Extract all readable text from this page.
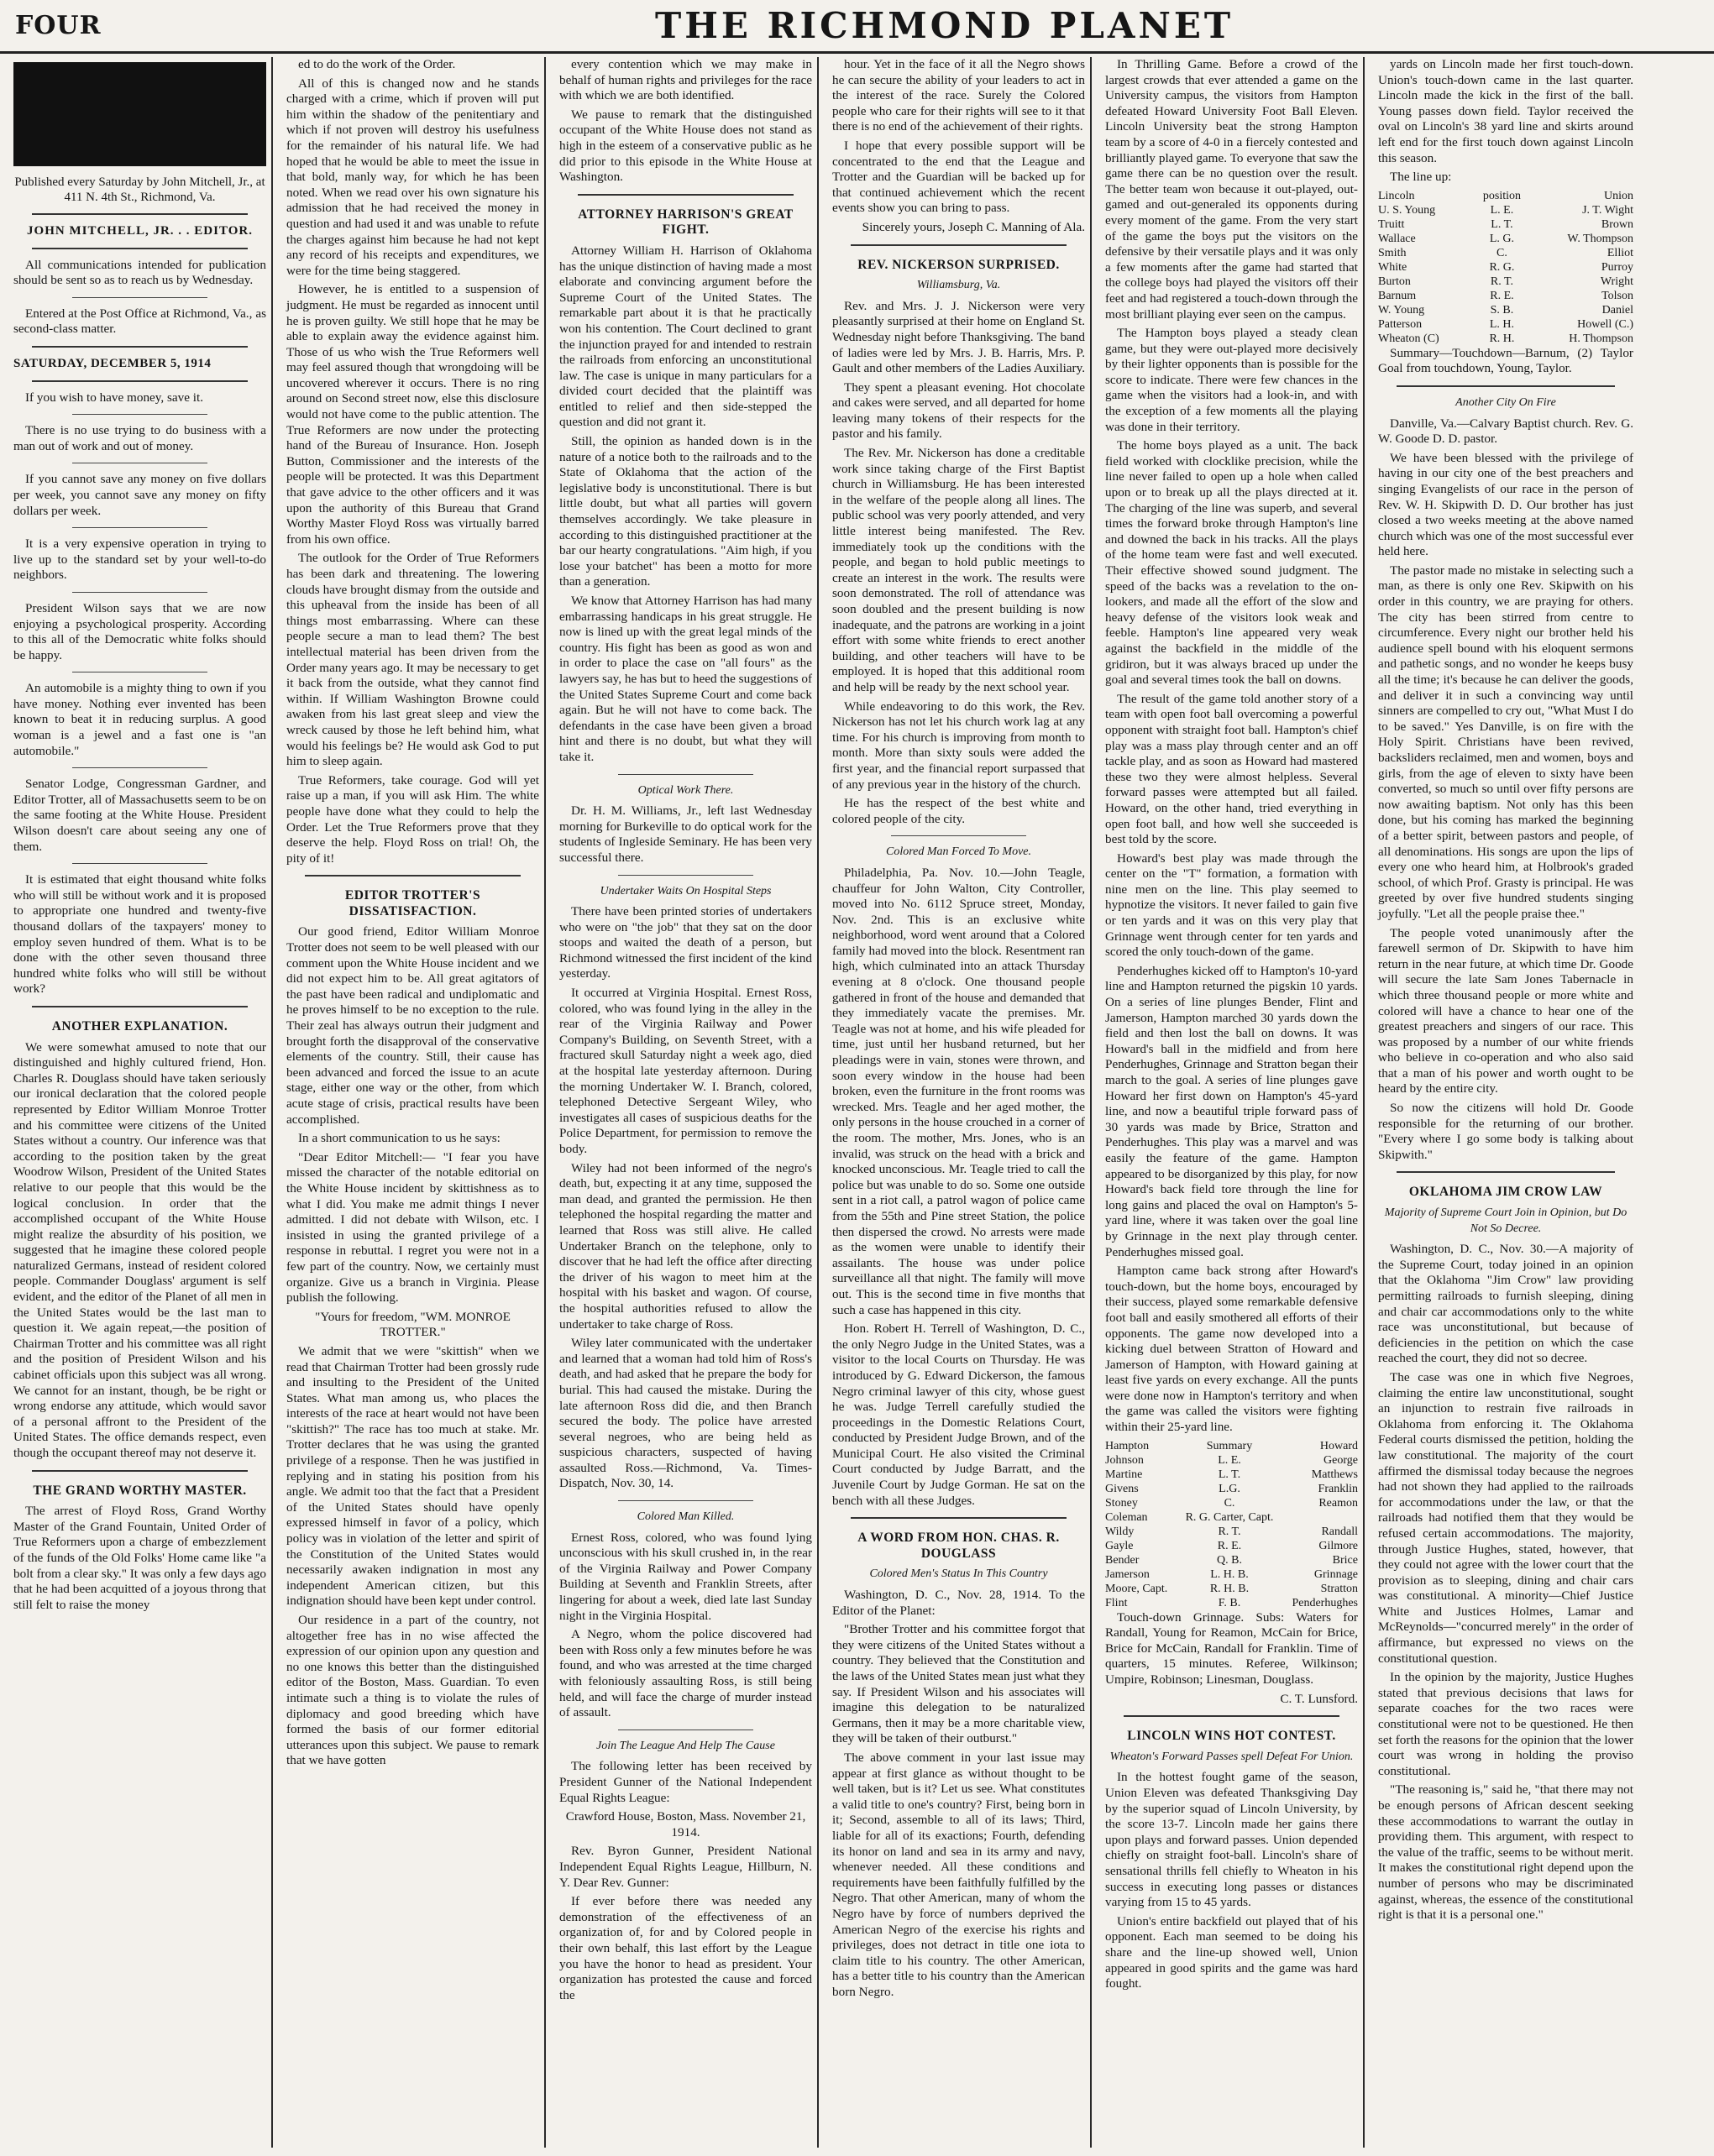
FOUR	THE RICHMOND PLANET
Published every Saturday by John Mitchell, Jr., at 411 N. 4th St., Richmond, Va.
JOHN MITCHELL, JR. . . EDITOR.

All communications intended for publication should be sent so as to reach us by Wednesday.

Entered at the Post Office at Richmond, Va., as second-class matter.

SATURDAY, DECEMBER 5, 1914

If you wish to have money, save it.

There is no use trying to do business with a man out of work and out of money.

If you cannot save any money on five dollars per week, you cannot save any money on fifty dollars per week.

It is a very expensive operation in trying to live up to the standard set by your well-to-do neighbors.

President Wilson says that we are now enjoying a psychological prosperity. According to this all of the Democratic white folks should be happy.

An automobile is a mighty thing to own if you have money. Nothing ever invented has been known to beat it in reducing surplus. A good woman is a jewel and a fast one is "an automobile."

Senator Lodge, Congressman Gardner, and Editor Trotter, all of Massachusetts seem to be on the same footing at the White House. President Wilson doesn't care about seeing any one of them.

It is estimated that eight thousand white folks who will still be without work and it is proposed to appropriate one hundred and twenty-five thousand dollars of the taxpayers' money to employ seven hundred of them. What is to be done with the other seven thousand three hundred white folks who will still be without work?

ANOTHER EXPLANATION.

We were somewhat amused to note that our distinguished and highly cultured friend, Hon. Charles R. Douglass should have taken seriously our ironical declaration that the colored people represented by Editor William Monroe Trotter and his committee were citizens of the United States without a country. Our inference was that according to the position taken by the great Woodrow Wilson, President of the United States relative to our people that this would be the logical conclusion. In order that the accomplished occupant of the White House might realize the absurdity of his position, we suggested that he imagine these colored people naturalized Germans, instead of resident colored people. Commander Douglass' argument is self evident, and the editor of the Planet of all men in the United States would be the last man to question it. We again repeat,—the position of Chairman Trotter and his committee was all right and the position of President Wilson and his cabinet officials upon this subject was all wrong. We cannot for an instant, though, be be right or wrong endorse any attitude, which would savor of a personal affront to the President of the United States. The office demands respect, even though the occupant thereof may not deserve it.

THE GRAND WORTHY MASTER.

The arrest of Floyd Ross, Grand Worthy Master of the Grand Fountain, United Order of True Reformers upon a charge of embezzlement of the funds of the Old Folks' Home came like "a bolt from a clear sky." It was only a few days ago that he had been acquitted of a joyous throng that still felt to raise the money

ed to do the work of the Order.

All of this is changed now and he stands charged with a crime, which if proven will put him within the shadow of the penitentiary and which if not proven will destroy his usefulness for the remainder of his natural life. We had hoped that he would be able to meet the issue in that bold, manly way, for which he has been noted. When we read over his own signature his admission that he had received the money in question and had used it and was unable to refute the charges against him because he had not kept any record of his receipts and expenditures, we were for the time being staggered.

However, he is entitled to a suspension of judgment. He must be regarded as innocent until he is proven guilty. We still hope that he may be able to explain away the evidence against him. Those of us who wish the True Reformers well may feel assured though that wrongdoing will be uncovered wherever it occurs. There is no ring around on Second street now, else this disclosure would not have come to the public attention. The True Reformers are now under the protecting hand of the Bureau of Insurance. Hon. Joseph Button, Commissioner and the interests of the people will be protected. It was this Department that gave advice to the other officers and it was upon the authority of this Bureau that Grand Worthy Master Floyd Ross was virtually barred from his own office.

The outlook for the Order of True Reformers has been dark and threatening. The lowering clouds have brought dismay from the outside and this upheaval from the inside has been of all things most embarrassing. Where can these people secure a man to lead them? The best intellectual material has been driven from the Order many years ago. It may be necessary to get it back from the outside, what they cannot find within. If William Washington Browne could awaken from his last great sleep and view the wreck caused by those he left behind him, what would his feelings be? He would ask God to put him to sleep again.

True Reformers, take courage. God will yet raise up a man, if you will ask Him. The white people have done what they could to help the Order. Let the True Reformers prove that they deserve the help. Floyd Ross on trial! Oh, the pity of it!

EDITOR TROTTER'S DISSATISFACTION.

Our good friend, Editor William Monroe Trotter does not seem to be well pleased with our comment upon the White House incident and we did not expect him to be. All great agitators of the past have been radical and undiplomatic and he proves himself to be no exception to the rule. Their zeal has always outrun their judgment and brought forth the disapproval of the conservative elements of the country. Still, their cause has been advanced and forced the issue to an acute stage, either one way or the other, from which acute stage of crisis, practical results have been accomplished.

In a short communication to us he says:

"Dear Editor Mitchell:— "I fear you have missed the character of the notable editorial on the White House incident by skittishness as to what I did. You make me admit things I never admitted. I did not debate with Wilson, etc. I insisted in using the granted privilege of a response in rebuttal. I regret you were not in a few part of the country. Now, we certainly must organize. Give us a branch in Virginia. Please publish the following.

"Yours for freedom, "WM. MONROE TROTTER."

We admit that we were "skittish" when we read that Chairman Trotter had been grossly rude and insulting to the President of the United States. What man among us, who places the interests of the race at heart would not have been "skittish?" The race has too much at stake. Mr. Trotter declares that he was using the granted privilege of a response. Then he was justified in replying and in stating his position from his angle. We admit too that the fact that a President of the United States should have openly expressed himself in favor of a policy, which policy was in violation of the letter and spirit of the Constitution of the United States would necessarily awaken indignation in most any independent American citizen, but this indignation should have been kept under control.

Our residence in a part of the country, not altogether free has in no wise affected the expression of our opinion upon any question and no one knows this better than the distinguished editor of the Boston, Mass. Guardian. To even intimate such a thing is to violate the rules of diplomacy and good breeding which have formed the basis of our former editorial utterances upon this subject. We pause to remark that we have gotten

every contention which we may make in behalf of human rights and privileges for the race with which we are both identified.

We pause to remark that the distinguished occupant of the White House does not stand as high in the esteem of a conservative public as he did prior to this episode in the White House at Washington.

ATTORNEY HARRISON'S GREAT FIGHT.

Attorney William H. Harrison of Oklahoma has the unique distinction of having made a most elaborate and convincing argument before the Supreme Court of the United States. The remarkable part about it is that he practically won his contention. The Court declined to grant the injunction prayed for and intended to restrain the railroads from enforcing an unconstitutional law. The case is unique in many particulars for a divided court decided that the plaintiff was entitled to relief and then side-stepped the question and did not grant it.

Still, the opinion as handed down is in the nature of a notice both to the railroads and to the State of Oklahoma that the action of the legislative body is unconstitutional. There is but little doubt, but what all parties will govern themselves accordingly. We take pleasure in according to this distinguished practitioner at the bar our hearty congratulations. "Aim high, if you lose your batchet" has been a motto for more than a generation.

We know that Attorney Harrison has had many embarrassing handicaps in his great struggle. He now is lined up with the great legal minds of the country. His fight has been as good as won and in order to place the case on "all fours" as the lawyers say, he has but to heed the suggestions of the United States Supreme Court and come back again. But he will not have to come back. The defendants in the case have been given a broad hint and there is no doubt, but what they will take it.

Optical Work There.

Dr. H. M. Williams, Jr., left last Wednesday morning for Burkeville to do optical work for the students of Ingleside Seminary. He has been very successful there.

Undertaker Waits On Hospital Steps

There have been printed stories of undertakers who were on "the job" that they sat on the door stoops and waited the death of a person, but Richmond witnessed the first incident of the kind yesterday.

It occurred at Virginia Hospital. Ernest Ross, colored, who was found lying in the alley in the rear of the Virginia Railway and Power Company's Building, on Seventh Street, with a fractured skull Saturday night a week ago, died at the hospital late yesterday afternoon. During the morning Undertaker W. I. Branch, colored, telephoned Detective Sergeant Wiley, who investigates all cases of suspicious deaths for the Police Department, for permission to remove the body.

Wiley had not been informed of the negro's death, but, expecting it at any time, supposed the man dead, and granted the permission. He then telephoned the hospital regarding the matter and learned that Ross was still alive. He called Undertaker Branch on the telephone, only to discover that he had left the office after directing the driver of his wagon to meet him at the hospital with his basket and wagon. Of course, the hospital authorities refused to allow the undertaker to take charge of Ross.

Wiley later communicated with the undertaker and learned that a woman had told him of Ross's death, and had asked that he prepare the body for burial. This had caused the mistake. During the late afternoon Ross did die, and then Branch secured the body. The police have arrested several negroes, who are being held as suspicious characters, suspected of having assaulted Ross.—Richmond, Va. Times-Dispatch, Nov. 30, 14.

Colored Man Killed.

Ernest Ross, colored, who was found lying unconscious with his skull crushed in, in the rear of the Virginia Railway and Power Company Building at Seventh and Franklin Streets, after lingering for about a week, died late last Sunday night in the Virginia Hospital.

A Negro, whom the police discovered had been with Ross only a few minutes before he was found, and who was arrested at the time charged with feloniously assaulting Ross, is still being held, and will face the charge of murder instead of assault.

Join The League And Help The Cause

The following letter has been received by President Gunner of the National Independent Equal Rights League:

Crawford House, Boston, Mass. November 21, 1914.

Rev. Byron Gunner, President National Independent Equal Rights League, Hillburn, N. Y. Dear Rev. Gunner:

If ever before there was needed any demonstration of the effectiveness of an organization of, for and by Colored people in their own behalf, this last effort by the League you have the honor to head as president. Your organization has protested the cause and forced the

hour. Yet in the face of it all the Negro shows he can secure the ability of your leaders to act in the interest of the race. Surely the Colored people who care for their rights will see to it that there is no end of the achievement of their rights.

I hope that every possible support will be concentrated to the end that the League and Trotter and the Guardian will be backed up for that continued achievement which the recent events show you can bring to pass.

Sincerely yours, Joseph C. Manning of Ala.

REV. NICKERSON SURPRISED.
Williamsburg, Va.

Rev. and Mrs. J. J. Nickerson were very pleasantly surprised at their home on England St. Wednesday night before Thanksgiving. The band of ladies were led by Mrs. J. B. Harris, Mrs. P. Gault and other members of the Ladies Auxiliary.

They spent a pleasant evening. Hot chocolate and cakes were served, and all departed for home leaving many tokens of their respects for the pastor and his family.

The Rev. Mr. Nickerson has done a creditable work since taking charge of the First Baptist church in Williamsburg. He has been interested in the welfare of the people along all lines. The public school was very poorly attended, and very little interest being manifested. The Rev. immediately took up the conditions with the people, and began to hold public meetings to create an interest in the work. The results were soon demonstrated. The roll of attendance was soon doubled and the present building is now inadequate, and the patrons are working in a joint effort with some white friends to erect another building, and other teachers will have to be employed. It is hoped that this additional room and help will be ready by the next school year.

While endeavoring to do this work, the Rev. Nickerson has not let his church work lag at any time. For his church is improving from month to month. More than sixty souls were added the first year, and the financial report surpassed that of any previous year in the history of the church.

He has the respect of the best white and colored people of the city.

Colored Man Forced To Move.

Philadelphia, Pa. Nov. 10.—John Teagle, chauffeur for John Walton, City Controller, moved into No. 6112 Spruce street, Monday, Nov. 2nd. This is an exclusive white neighborhood, word went around that a Colored family had moved into the block. Resentment ran high, which culminated into an attack Thursday evening at 8 o'clock. One thousand people gathered in front of the house and demanded that they immediately vacate the premises. Mr. Teagle was not at home, and his wife pleaded for time, just until her husband returned, but her pleadings were in vain, stones were thrown, and soon every window in the house had been broken, even the furniture in the front rooms was wrecked. Mrs. Teagle and her aged mother, the only persons in the house crouched in a corner of the room. The mother, Mrs. Jones, who is an invalid, was struck on the head with a brick and knocked unconscious. Mr. Teagle tried to call the police but was unable to do so. Some one outside sent in a riot call, a patrol wagon of police came from the 55th and Pine street Station, the police then dispersed the crowd. No arrests were made as the women were unable to identify their assailants. The house was under police surveillance all that night. The family will move out. This is the second time in five months that such a case has happened in this city.

Hon. Robert H. Terrell of Washington, D. C., the only Negro Judge in the United States, was a visitor to the local Courts on Thursday. He was introduced by G. Edward Dickerson, the famous Negro criminal lawyer of this city, whose guest he was. Judge Terrell carefully studied the proceedings in the Domestic Relations Court, conducted by President Judge Brown, and of the Municipal Court. He also visited the Criminal Court conducted by Judge Barratt, and the Juvenile Court by Judge Gorman. He sat on the bench with all these Judges.

A WORD FROM HON. CHAS. R. DOUGLASS
Colored Men's Status In This Country

Washington, D. C., Nov. 28, 1914. To the Editor of the Planet:

"Brother Trotter and his committee forgot that they were citizens of the United States without a country. They believed that the Constitution and the laws of the United States mean just what they say. If President Wilson and his associates will imagine this delegation to be naturalized Germans, then it may be a more charitable view, they will be taken of their outburst."

The above comment in your last issue may appear at first glance as without thought to be well taken, but is it? Let us see. What constitutes a valid title to one's country? First, being born in it; Second, assemble to all of its laws; Third, liable for all of its exactions; Fourth, defending its honor on land and sea in its army and navy, whenever needed. All these conditions and requirements have been faithfully fulfilled by the Negro. That other American, many of whom the Negro have by force of numbers deprived the American Negro of the exercise his rights and privileges, does not detract in title one iota to claim title to his country. The other American, has a better title to his country than the American born Negro.

In Thrilling Game. Before a crowd of the largest crowds that ever attended a game on the University campus, the visitors from Hampton defeated Howard University Foot Ball Eleven. Lincoln University beat the strong Hampton team by a score of 4-0 in a fiercely contested and brilliantly played game. To everyone that saw the game there can be no question over the result. The better team won because it out-played, out-gamed and out-generaled its opponents during every moment of the game. From the very start of the game the boys put the visitors on the defensive by their versatile plays and it was only a few moments after the game had started that the college boys had played the visitors off their feet and had registered a touch-down through the most brilliant playing ever seen on the campus.

The Hampton boys played a steady clean game, but they were out-played more decisively by their lighter opponents than is possible for the score to indicate. There were few chances in the game when the visitors had a look-in, and with the exception of a few moments all the playing was done in their territory.

The home boys played as a unit. The back field worked with clocklike precision, while the line never failed to open up a hole when called upon or to break up all the plays directed at it. The charging of the line was superb, and several times the forward broke through Hampton's line and downed the back in his tracks. All the plays of the home team were fast and well executed. Their effective showed sound judgment. The speed of the backs was a revelation to the on-lookers, and made all the effort of the slow and heavy defense of the visitors look weak and feeble. Hampton's line appeared very weak against the backfield in the middle of the gridiron, but it was always braced up under the goal and several times took the ball on downs.

The result of the game told another story of a team with open foot ball overcoming a powerful opponent with straight foot ball. Hampton's chief play was a mass play through center and an off tackle play, and as soon as Howard had mastered these two they were almost helpless. Several forward passes were attempted but all failed. Howard, on the other hand, tried everything in open foot ball, and how well she succeeded is best told by the score.

Howard's best play was made through the center on the "T" formation, a formation with nine men on the line. This play seemed to hypnotize the visitors. It never failed to gain five or ten yards and it was on this very play that Grinnage went through center for ten yards and scored the only touch-down of the game.

Penderhughes kicked off to Hampton's 10-yard line and Hampton returned the pigskin 10 yards. On a series of line plunges Bender, Flint and Jamerson, Hampton marched 30 yards down the field and then lost the ball on downs. It was Howard's ball in the midfield and from here Penderhughes, Grinnage and Stratton began their march to the goal. A series of line plunges gave Howard her first down on Hampton's 45-yard line, and now a beautiful triple forward pass of 30 yards was made by Brice, Stratton and Penderhughes. This play was a marvel and was easily the feature of the game. Hampton appeared to be disorganized by this play, for now Howard's back field tore through the line for long gains and placed the oval on Hampton's 5-yard line, where it was taken over the goal line by Grinnage in the next play through center. Penderhughes missed goal.

Hampton came back strong after Howard's touch-down, but the home boys, encouraged by their success, played some remarkable defensive foot ball and easily smothered all efforts of their opponents. The game now developed into a kicking duel between Stratton of Howard and Jamerson of Hampton, with Howard gaining at least five yards on every exchange. All the punts were done now in Hampton's territory and when the game was called the visitors were fighting within their 25-yard line.

Hampton	Summary	Howard
Johnson	L. E.	George
Martine	L. T.	Matthews
Givens	L.G.	Franklin
Stoney	C.	Reamon
Coleman	R. G. Carter, Capt.	
Wildy	R. T.	Randall
Gayle	R. E.	Gilmore
Bender	Q. B.	Brice
Jamerson	L. H. B.	Grinnage
Moore, Capt.	R. H. B.	Stratton
Flint	F. B.	Penderhughes

Touch-down Grinnage. Subs: Waters for Randall, Young for Reamon, McCain for Brice, Brice for McCain, Randall for Franklin. Time of quarters, 15 minutes. Referee, Wilkinson; Umpire, Robinson; Linesman, Douglass.

C. T. Lunsford.

LINCOLN WINS HOT CONTEST.
Wheaton's Forward Passes spell Defeat For Union.

In the hottest fought game of the season, Union Eleven was defeated Thanksgiving Day by the superior squad of Lincoln University, by the score 13-7. Lincoln made her gains there upon plays and forward passes. Union depended chiefly on straight foot-ball. Lincoln's share of sensational thrills fell chiefly to Wheaton in his success in executing long passes or distances varying from 15 to 45 yards.

Union's entire backfield out played that of his opponent. Each man seemed to be doing his share and the line-up showed well, Union appeared in good spirits and the game was hard fought.

yards on Lincoln made her first touch-down. Union's touch-down came in the last quarter. Lincoln made the kick in the first of the ball. Young passes down field. Taylor received the oval on Lincoln's 38 yard line and skirts around left end for the first touch down against Lincoln this season.

The line up:

Lincoln	position	Union
U. S. Young	L. E.	J. T. Wight
Truitt	L. T.	Brown
Wallace	L. G.	W. Thompson
Smith	C.	Elliot
White	R. G.	Purroy
Burton	R. T.	Wright
Barnum	R. E.	Tolson
W. Young	S. B.	Daniel
Patterson	L. H.	Howell (C.)
Wheaton (C)	R. H.	H. Thompson

Summary—Touchdown—Barnum, (2) Taylor Goal from touchdown, Young, Taylor.

Another City On Fire

Danville, Va.—Calvary Baptist church. Rev. G. W. Goode D. D. pastor.

We have been blessed with the privilege of having in our city one of the best preachers and singing Evangelists of our race in the person of Rev. W. H. Skipwith D. D. Our brother has just closed a two weeks meeting at the above named church which was one of the most successful ever held here.

The pastor made no mistake in selecting such a man, as there is only one Rev. Skipwith on his order in this country, we are praying for others. The city has been stirred from centre to circumference. Every night our brother held his audience spell bound with his eloquent sermons and pathetic songs, and no wonder he keeps busy all the time; it's because he can deliver the goods, and deliver it in such a convincing way until sinners are compelled to cry out, "What Must I do to be saved." Yes Danville, is on fire with the Holy Spirit. Christians have been revived, backsliders reclaimed, men and women, boys and girls, from the age of eleven to sixty have been converted, so much so until over fifty persons are now awaiting baptism. Not only has this been done, but his coming has marked the beginning of a better spirit, between pastors and people, of all denominations. His songs are upon the lips of every one who heard him, at Holbrook's graded school, of which Prof. Grasty is principal. He was greeted by over five hundred students singing joyfully. "Let all the people praise thee."

The people voted unanimously after the farewell sermon of Dr. Skipwith to have him return in the near future, at which time Dr. Goode will secure the late Sam Jones Tabernacle in which three thousand people or more white and colored will have a chance to hear one of the greatest preachers and singers of our race. This was proposed by a number of our white friends who believe in co-operation and who also said that a man of his power and worth ought to be heard by the entire city.

So now the citizens will hold Dr. Goode responsible for the returning of our brother. "Every where I go some body is talking about Skipwith."

OKLAHOMA JIM CROW LAW
Majority of Supreme Court Join in Opinion, but Do Not So Decree.

Washington, D. C., Nov. 30.—A majority of the Supreme Court, today joined in an opinion that the Oklahoma "Jim Crow" law providing permitting railroads to furnish sleeping, dining and chair car accommodations only to the white race was unconstitutional, but because of deficiencies in the petition on which the case reached the court, they did not so decree.

The case was one in which five Negroes, claiming the entire law unconstitutional, sought an injunction to restrain five railroads in Oklahoma from enforcing it. The Oklahoma Federal courts dismissed the petition, holding the law constitutional. The majority of the court affirmed the dismissal today because the negroes had not shown they had applied to the railroads for accommodations under the law, or that the railroads had notified them that they would be refused certain accommodations. The majority, through Justice Hughes, stated, however, that they could not agree with the lower court that the provision as to sleeping, dining and chair cars was constitutional. A minority—Chief Justice White and Justices Holmes, Lamar and McReynolds—"concurred merely" in the order of affirmance, but expressed no views on the constitutional question.

In the opinion by the majority, Justice Hughes stated that previous decisions that laws for separate coaches for the two races were constitutional were not to be questioned. He then set forth the reasons for the opinion that the lower court was wrong in holding the proviso constitutional.

"The reasoning is," said he, "that there may not be enough persons of African descent seeking these accommodations to warrant the outlay in providing them. This argument, with respect to the value of the traffic, seems to be without merit. It makes the constitutional right depend upon the number of persons who may be discriminated against, whereas, the essence of the constitutional right is that it is a personal one."
